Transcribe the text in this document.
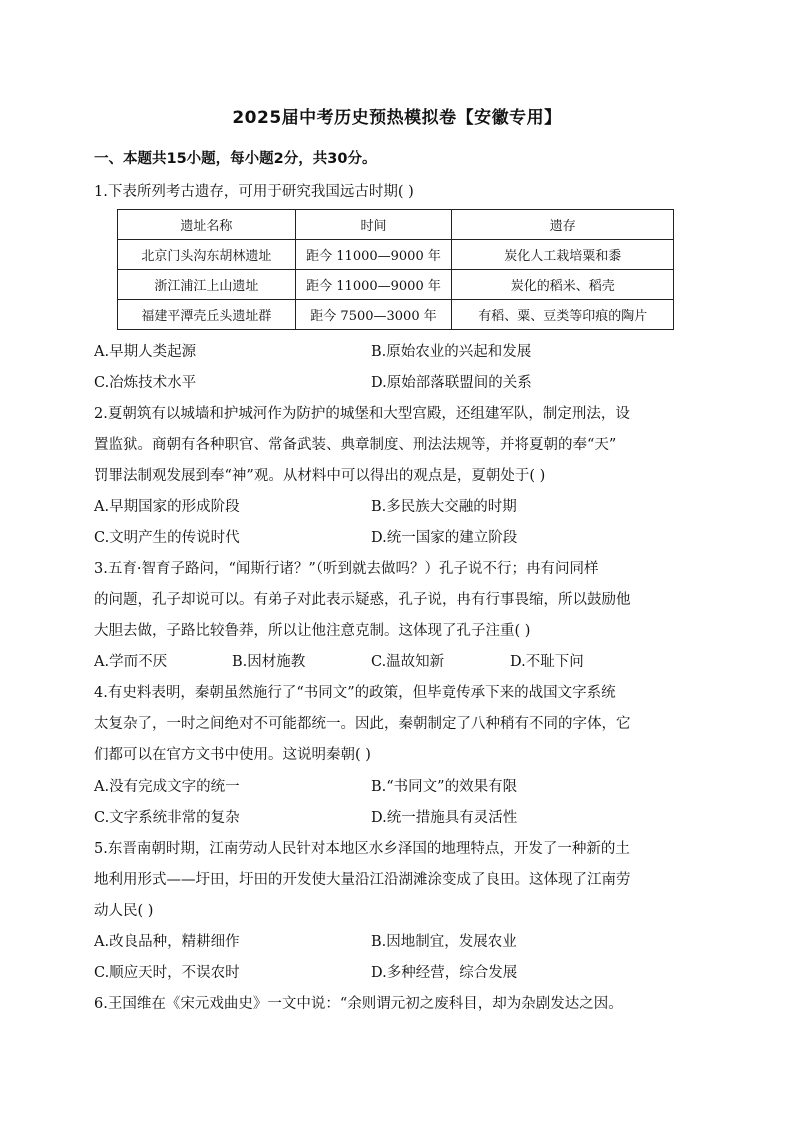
2025届中考历史预热模拟卷【安徽专用】
一、本题共15小题，每小题2分，共30分。
1.下表所列考古遗存，可用于研究我国远古时期( )
遗址名称	时间	遗存
北京门头沟东胡林遗址	距今 11000—9000 年	炭化人工栽培粟和黍
浙江浦江上山遗址	距今 11000—9000 年	炭化的稻米、稻壳
福建平潭壳丘头遗址群	距今 7500—3000 年	有稻、粟、豆类等印痕的陶片
A.早期人类起源	B.原始农业的兴起和发展
C.冶炼技术水平	D.原始部落联盟间的关系
2.夏朝筑有以城墙和护城河作为防护的城堡和大型宫殿，还组建军队，制定刑法，设
置监狱。商朝有各种职官、常备武装、典章制度、刑法法规等，并将夏朝的奉“天”
罚罪法制观发展到奉“神”观。从材料中可以得出的观点是，夏朝处于( )
A.早期国家的形成阶段	B.多民族大交融的时期
C.文明产生的传说时代	D.统一国家的建立阶段
3.五育·智育子路问，“闻斯行诸？”（听到就去做吗？）孔子说不行；冉有问同样
的问题，孔子却说可以。有弟子对此表示疑惑，孔子说，冉有行事畏缩，所以鼓励他
大胆去做，子路比较鲁莽，所以让他注意克制。这体现了孔子注重( )
A.学而不厌	B.因材施教	C.温故知新	D.不耻下问
4.有史料表明，秦朝虽然施行了“书同文”的政策，但毕竟传承下来的战国文字系统
太复杂了，一时之间绝对不可能都统一。因此，秦朝制定了八种稍有不同的字体，它
们都可以在官方文书中使用。这说明秦朝( )
A.没有完成文字的统一	B.“书同文”的效果有限
C.文字系统非常的复杂	D.统一措施具有灵活性
5.东晋南朝时期，江南劳动人民针对本地区水乡泽国的地理特点，开发了一种新的土
地利用形式——圩田，圩田的开发使大量沿江沿湖滩涂变成了良田。这体现了江南劳
动人民( )
A.改良品种，精耕细作	B.因地制宜，发展农业
C.顺应天时，不误农时	D.多种经营，综合发展
6.王国维在《宋元戏曲史》一文中说：“余则谓元初之废科目，却为杂剧发达之因。
